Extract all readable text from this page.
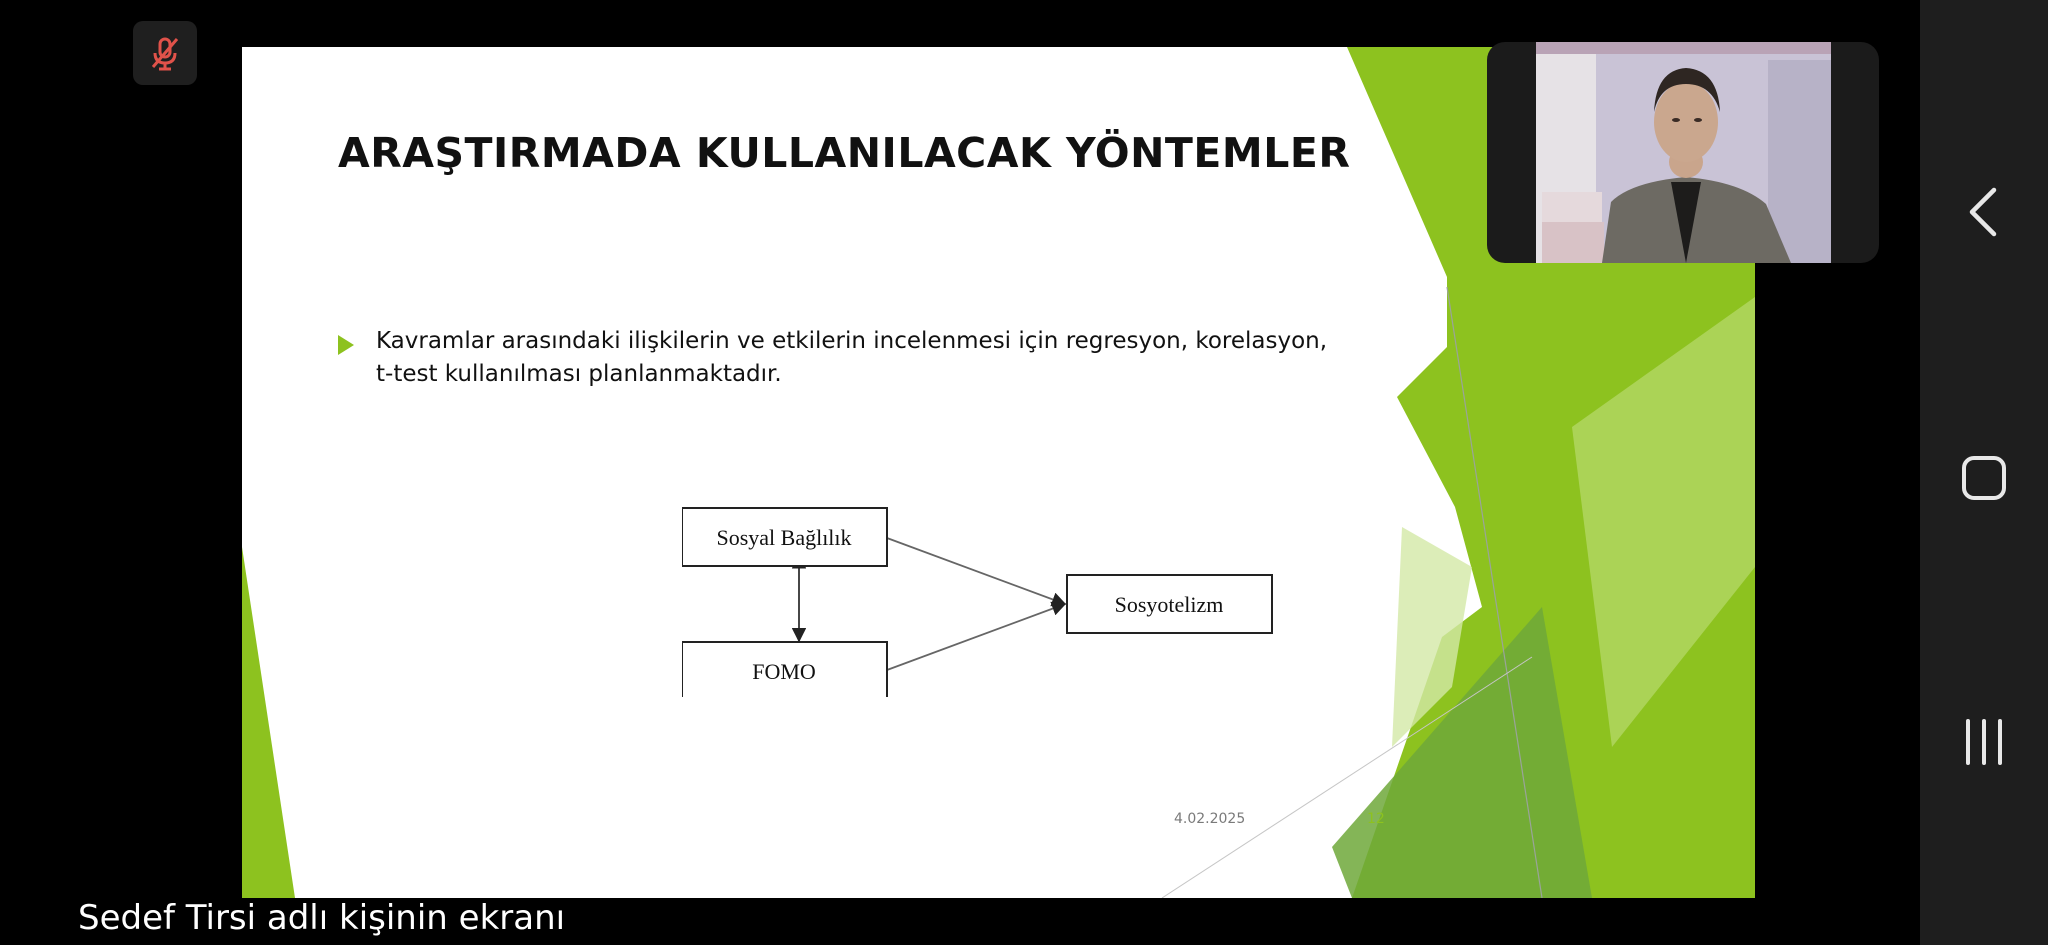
ARAŞTIRMADA KULLANILACAK YÖNTEMLER
Kavramlar arasındaki ilişkilerin ve etkilerin incelenmesi için regresyon, korelasyon, t-test kullanılması planlanmaktadır.
Sosyal Bağlılık
FOMO
Sosyotelizm
4.02.2025	12

Sedef Tirsi adlı kişinin ekranı
